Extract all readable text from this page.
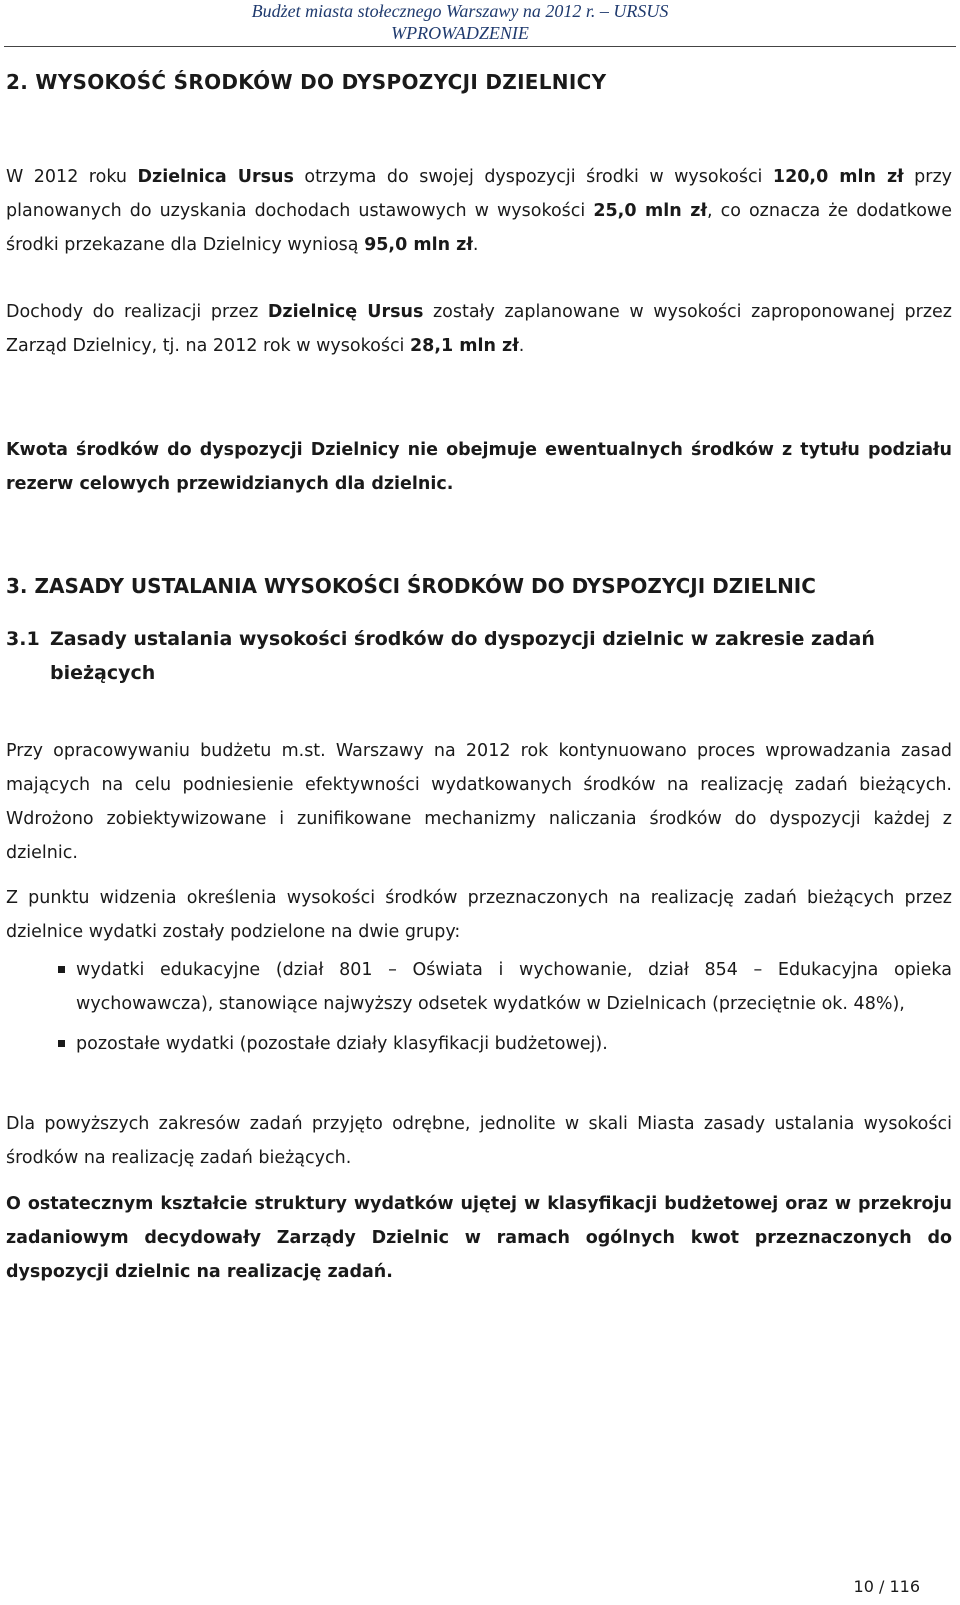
Budżet miasta stołecznego Warszawy na 2012 r. – URSUS
WPROWADZENIE
2. WYSOKOŚĆ ŚRODKÓW DO DYSPOZYCJI DZIELNICY

W 2012 roku Dzielnica Ursus otrzyma do swojej dyspozycji środki w wysokości 120,0 mln zł przy planowanych do uzyskania dochodach ustawowych w wysokości 25,0 mln zł, co oznacza że dodatkowe środki przekazane dla Dzielnicy wyniosą 95,0 mln zł.

Dochody do realizacji przez Dzielnicę Ursus zostały zaplanowane w wysokości zaproponowanej przez Zarząd Dzielnicy, tj. na 2012 rok w wysokości 28,1 mln zł.

Kwota środków do dyspozycji Dzielnicy nie obejmuje ewentualnych środków z tytułu podziału rezerw celowych przewidzianych dla dzielnic.
3. ZASADY USTALANIA WYSOKOŚCI ŚRODKÓW DO DYSPOZYCJI DZIELNIC
3.1 Zasady ustalania wysokości środków do dyspozycji dzielnic w zakresie zadań bieżących
Przy opracowywaniu budżetu m.st. Warszawy na 2012 rok kontynuowano proces wprowadzania zasad mających na celu podniesienie efektywności wydatkowanych środków na realizację zadań bieżących. Wdrożono zobiektywizowane i zunifikowane mechanizmy naliczania środków do dyspozycji każdej z dzielnic.
Z punktu widzenia określenia wysokości środków przeznaczonych na realizację zadań bieżących przez dzielnice wydatki zostały podzielone na dwie grupy:
wydatki edukacyjne (dział 801 – Oświata i wychowanie, dział 854 – Edukacyjna opieka wychowawcza), stanowiące najwyższy odsetek wydatków w Dzielnicach (przeciętnie ok. 48%),
pozostałe wydatki (pozostałe działy klasyfikacji budżetowej).
Dla powyższych zakresów zadań przyjęto odrębne, jednolite w skali Miasta zasady ustalania wysokości środków na realizację zadań bieżących.
O ostatecznym kształcie struktury wydatków ujętej w klasyfikacji budżetowej oraz w przekroju zadaniowym decydowały Zarządy Dzielnic w ramach ogólnych kwot przeznaczonych do dyspozycji dzielnic na realizację zadań.
10 / 116
